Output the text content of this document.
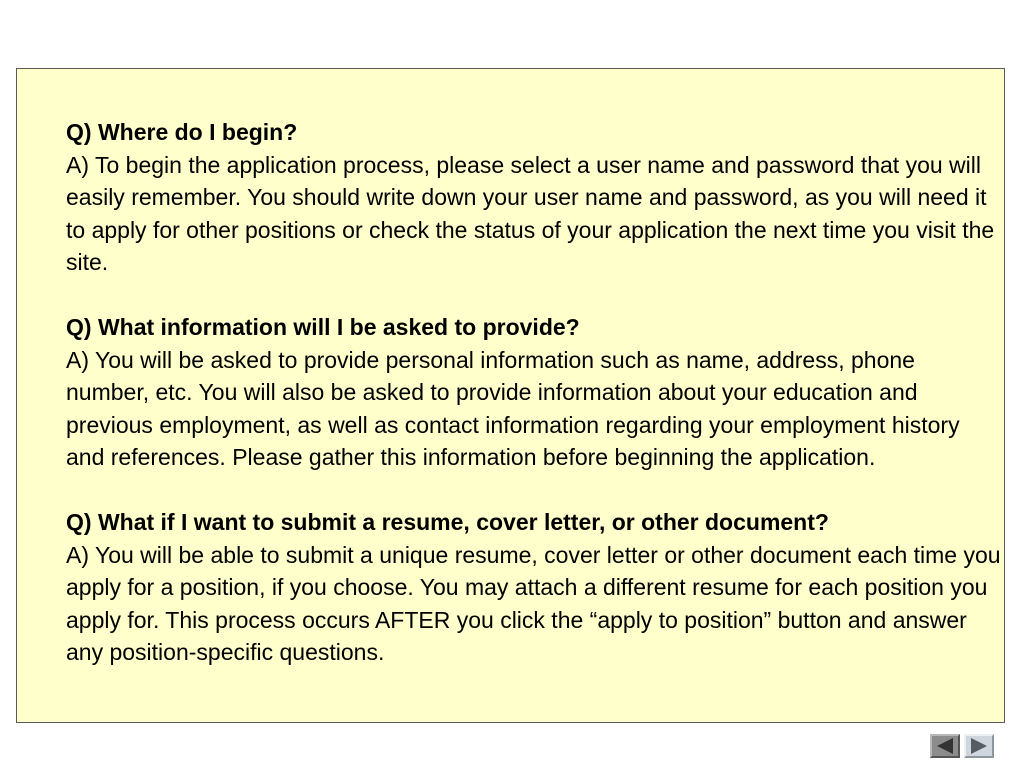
Q) Where do I begin?

A) To begin the application process, please select a user name and password that you will easily remember. You should write down your user name and password, as you will need it to apply for other positions or check the status of your application the next time you visit the site.

Q) What information will I be asked to provide?

A) You will be asked to provide personal information such as name, address, phone number, etc. You will also be asked to provide information about your education and previous employment, as well as contact information regarding your employment history and references. Please gather this information before beginning the application.

Q) What if I want to submit a resume, cover letter, or other document?

A) You will be able to submit a unique resume, cover letter or other document each time you apply for a position, if you choose. You may attach a different resume for each position you apply for. This process occurs AFTER you click the “apply to position” button and answer any position-specific questions.
